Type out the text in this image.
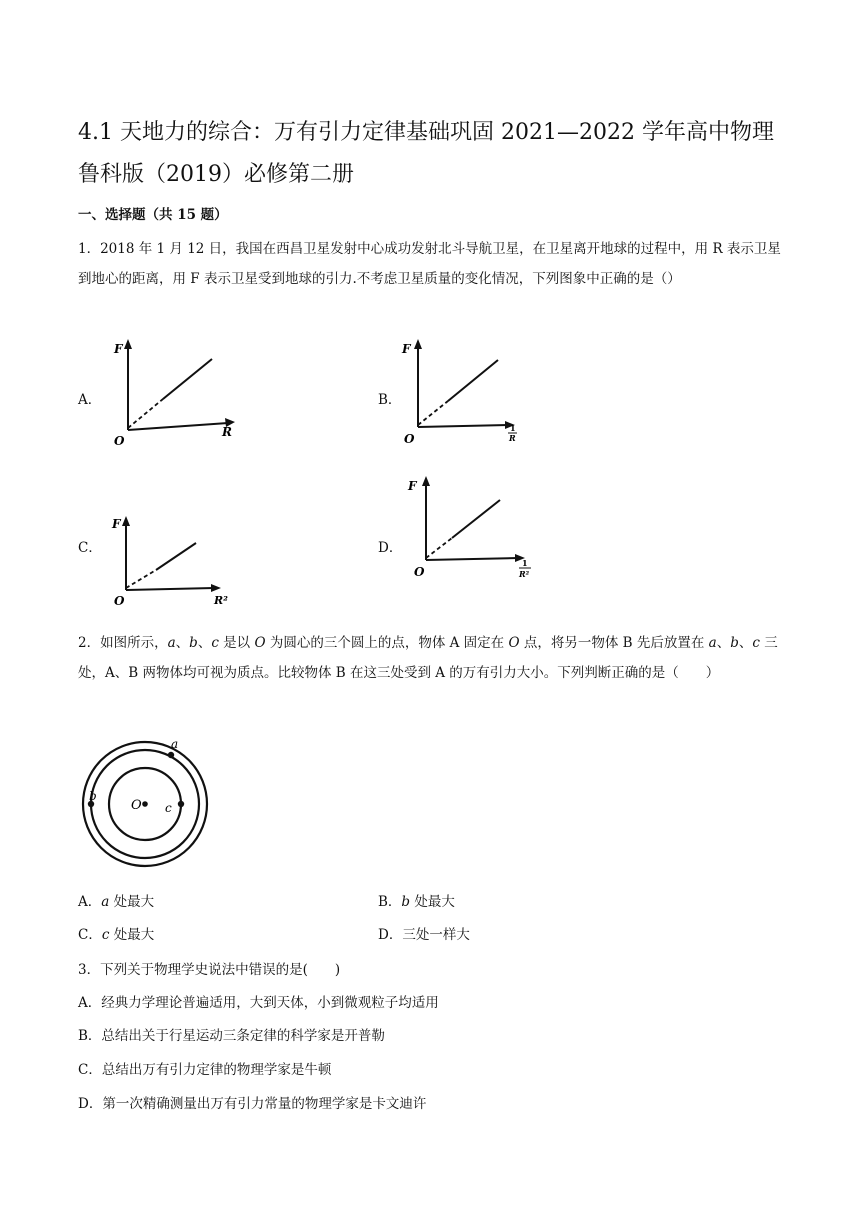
4.1 天地力的综合：万有引力定律基础巩固 2021—2022 学年高中物理
鲁科版（2019）必修第二册
一、选择题（共 15 题）
1．2018 年 1 月 12 日，我国在西昌卫星发射中心成功发射北斗导航卫星，在卫星离开地球的过程中，用 R 表示卫星到地心的距离，用 F 表示卫星受到地球的引力.不考虑卫星质量的变化情况，下列图象中正确的是（）
A．
F
R
O
B．
F
1
R
O
C．
F
R²
O
D．
F
1
R²
O
2．如图所示，a、b、c 是以 O 为圆心的三个圆上的点，物体 A 固定在 O 点，将另一物体 B 先后放置在 a、b、c 三处，A、B 两物体均可视为质点。比较物体 B 在这三处受到 A 的万有引力大小。下列判断正确的是（　　）
a
b
c
O
A．a 处最大	B．b 处最大
C．c 处最大	D．三处一样大
3．下列关于物理学史说法中错误的是(　　)
A．经典力学理论普遍适用，大到天体，小到微观粒子均适用
B．总结出关于行星运动三条定律的科学家是开普勒
C．总结出万有引力定律的物理学家是牛顿
D．第一次精确测量出万有引力常量的物理学家是卡文迪许
